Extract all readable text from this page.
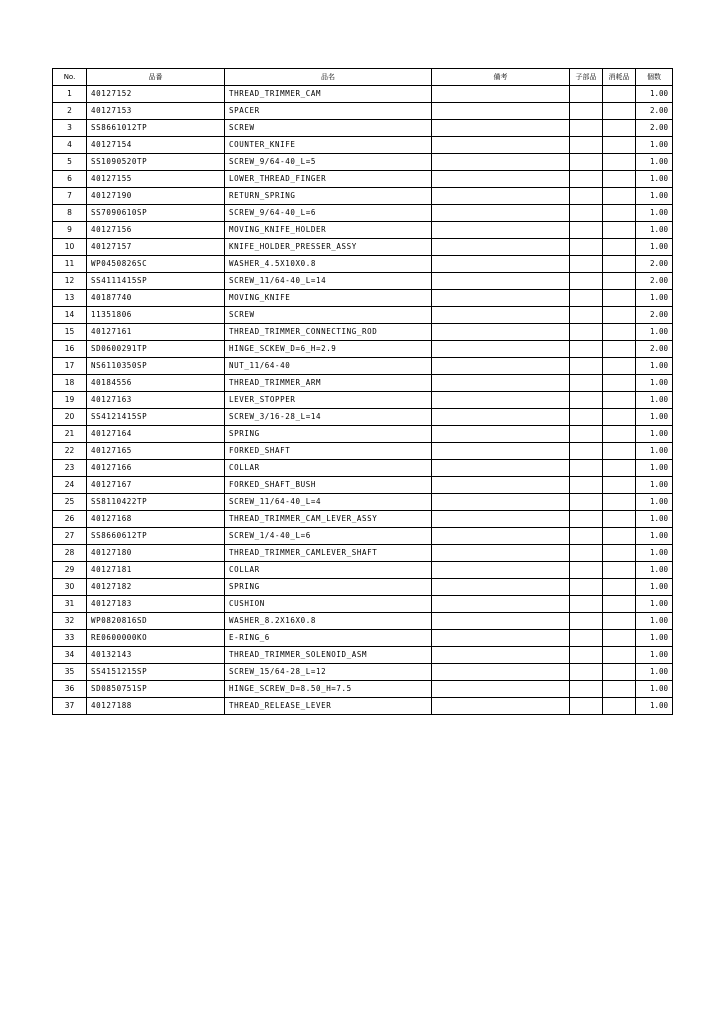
No.	品番	品名	備考	子部品	消耗品	個数
1	40127152	THREAD_TRIMMER_CAM				1.00
2	40127153	SPACER				2.00
3	SS8661012TP	SCREW				2.00
4	40127154	COUNTER_KNIFE				1.00
5	SS1090520TP	SCREW_9/64-40_L=5				1.00
6	40127155	LOWER_THREAD_FINGER				1.00
7	40127190	RETURN_SPRING				1.00
8	SS7090610SP	SCREW_9/64-40_L=6				1.00
9	40127156	MOVING_KNIFE_HOLDER				1.00
10	40127157	KNIFE_HOLDER_PRESSER_ASSY				1.00
11	WP0450826SC	WASHER_4.5X10X0.8				2.00
12	SS4111415SP	SCREW_11/64-40_L=14				2.00
13	40187740	MOVING_KNIFE				1.00
14	11351806	SCREW				2.00
15	40127161	THREAD_TRIMMER_CONNECTING_ROD				1.00
16	SD0600291TP	HINGE_SCKEW_D=6_H=2.9				2.00
17	NS6110350SP	NUT_11/64-40				1.00
18	40184556	THREAD_TRIMMER_ARM				1.00
19	40127163	LEVER_STOPPER				1.00
20	SS4121415SP	SCREW_3/16-28_L=14				1.00
21	40127164	SPRING				1.00
22	40127165	FORKED_SHAFT				1.00
23	40127166	COLLAR				1.00
24	40127167	FORKED_SHAFT_BUSH				1.00
25	SS8110422TP	SCREW_11/64-40_L=4				1.00
26	40127168	THREAD_TRIMMER_CAM_LEVER_ASSY				1.00
27	SS8660612TP	SCREW_1/4-40_L=6				1.00
28	40127180	THREAD_TRIMMER_CAMLEVER_SHAFT				1.00
29	40127181	COLLAR				1.00
30	40127182	SPRING				1.00
31	40127183	CUSHION				1.00
32	WP0820816SD	WASHER_8.2X16X0.8				1.00
33	RE0600000KO	E-RING_6				1.00
34	40132143	THREAD_TRIMMER_SOLENOID_ASM				1.00
35	SS4151215SP	SCREW_15/64-28_L=12				1.00
36	SD0850751SP	HINGE_SCREW_D=8.50_H=7.5				1.00
37	40127188	THREAD_RELEASE_LEVER				1.00
